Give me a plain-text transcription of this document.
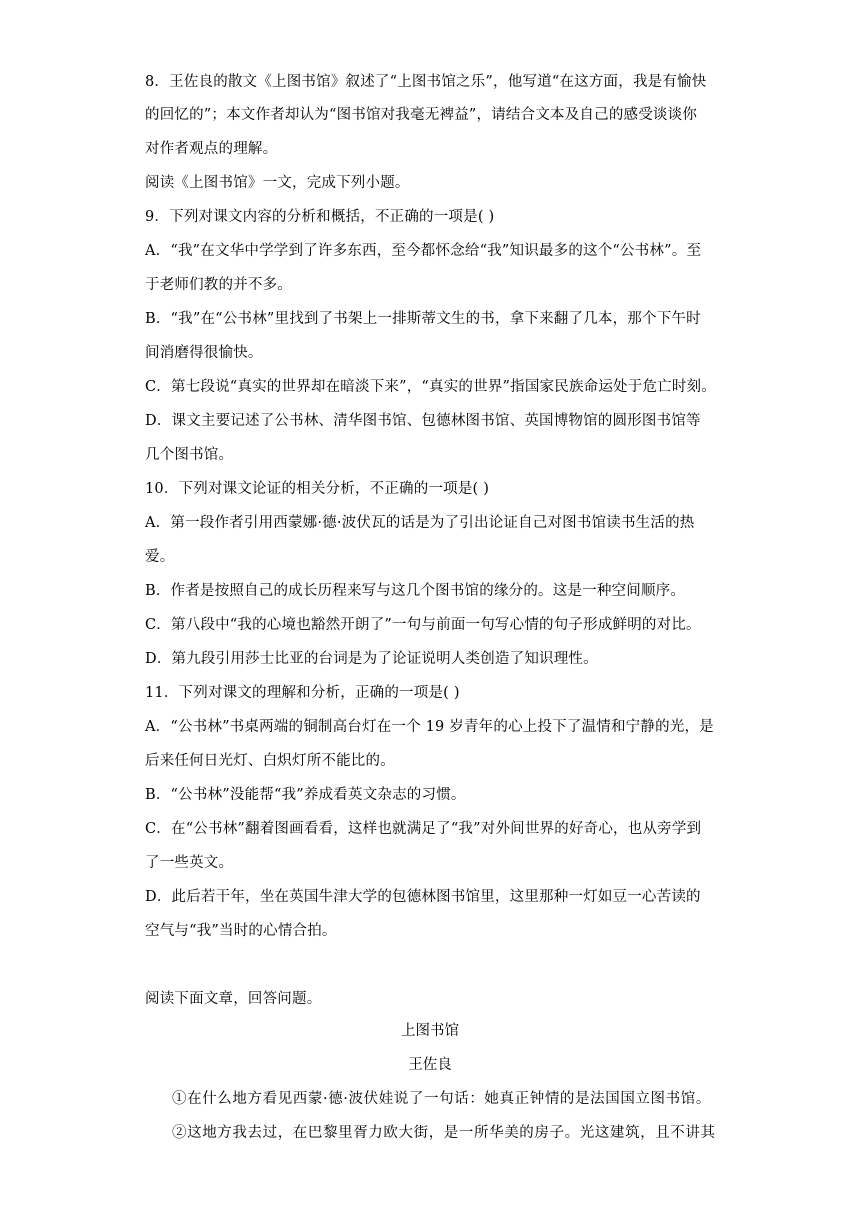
8．王佐良的散文《上图书馆》叙述了“上图书馆之乐”，他写道“在这方面，我是有愉快
的回忆的”；本文作者却认为“图书馆对我毫无裨益”，请结合文本及自己的感受谈谈你
对作者观点的理解。
阅读《上图书馆》一文，完成下列小题。
9．下列对课文内容的分析和概括，不正确的一项是( )
A．“我”在文华中学学到了许多东西，至今都怀念给“我”知识最多的这个“公书林”。至
于老师们教的并不多。
B．“我”在“公书林”里找到了书架上一排斯蒂文生的书，拿下来翻了几本，那个下午时
间消磨得很愉快。
C．第七段说“真实的世界却在暗淡下来”，“真实的世界”指国家民族命运处于危亡时刻。
D．课文主要记述了公书林、清华图书馆、包德林图书馆、英国博物馆的圆形图书馆等
几个图书馆。
10．下列对课文论证的相关分析，不正确的一项是( )
A．第一段作者引用西蒙娜·德·波伏瓦的话是为了引出论证自己对图书馆读书生活的热
爱。
B．作者是按照自己的成长历程来写与这几个图书馆的缘分的。这是一种空间顺序。
C．第八段中“我的心境也豁然开朗了”一句与前面一句写心情的句子形成鲜明的对比。
D．第九段引用莎士比亚的台词是为了论证说明人类创造了知识理性。
11．下列对课文的理解和分析，正确的一项是( )
A．“公书林”书桌两端的铜制高台灯在一个 19 岁青年的心上投下了温情和宁静的光，是
后来任何日光灯、白炽灯所不能比的。
B．“公书林”没能帮“我”养成看英文杂志的习惯。
C．在“公书林”翻着图画看看，这样也就满足了“我”对外间世界的好奇心，也从旁学到
了一些英文。
D．此后若干年，坐在英国牛津大学的包德林图书馆里，这里那种一灯如豆一心苦读的
空气与“我”当时的心情合拍。
阅读下面文章，回答问题。
上图书馆
王佐良
①在什么地方看见西蒙·德·波伏娃说了一句话：她真正钟情的是法国国立图书馆。
②这地方我去过，在巴黎里胥力欧大街，是一所华美的房子。光这建筑，且不讲其
